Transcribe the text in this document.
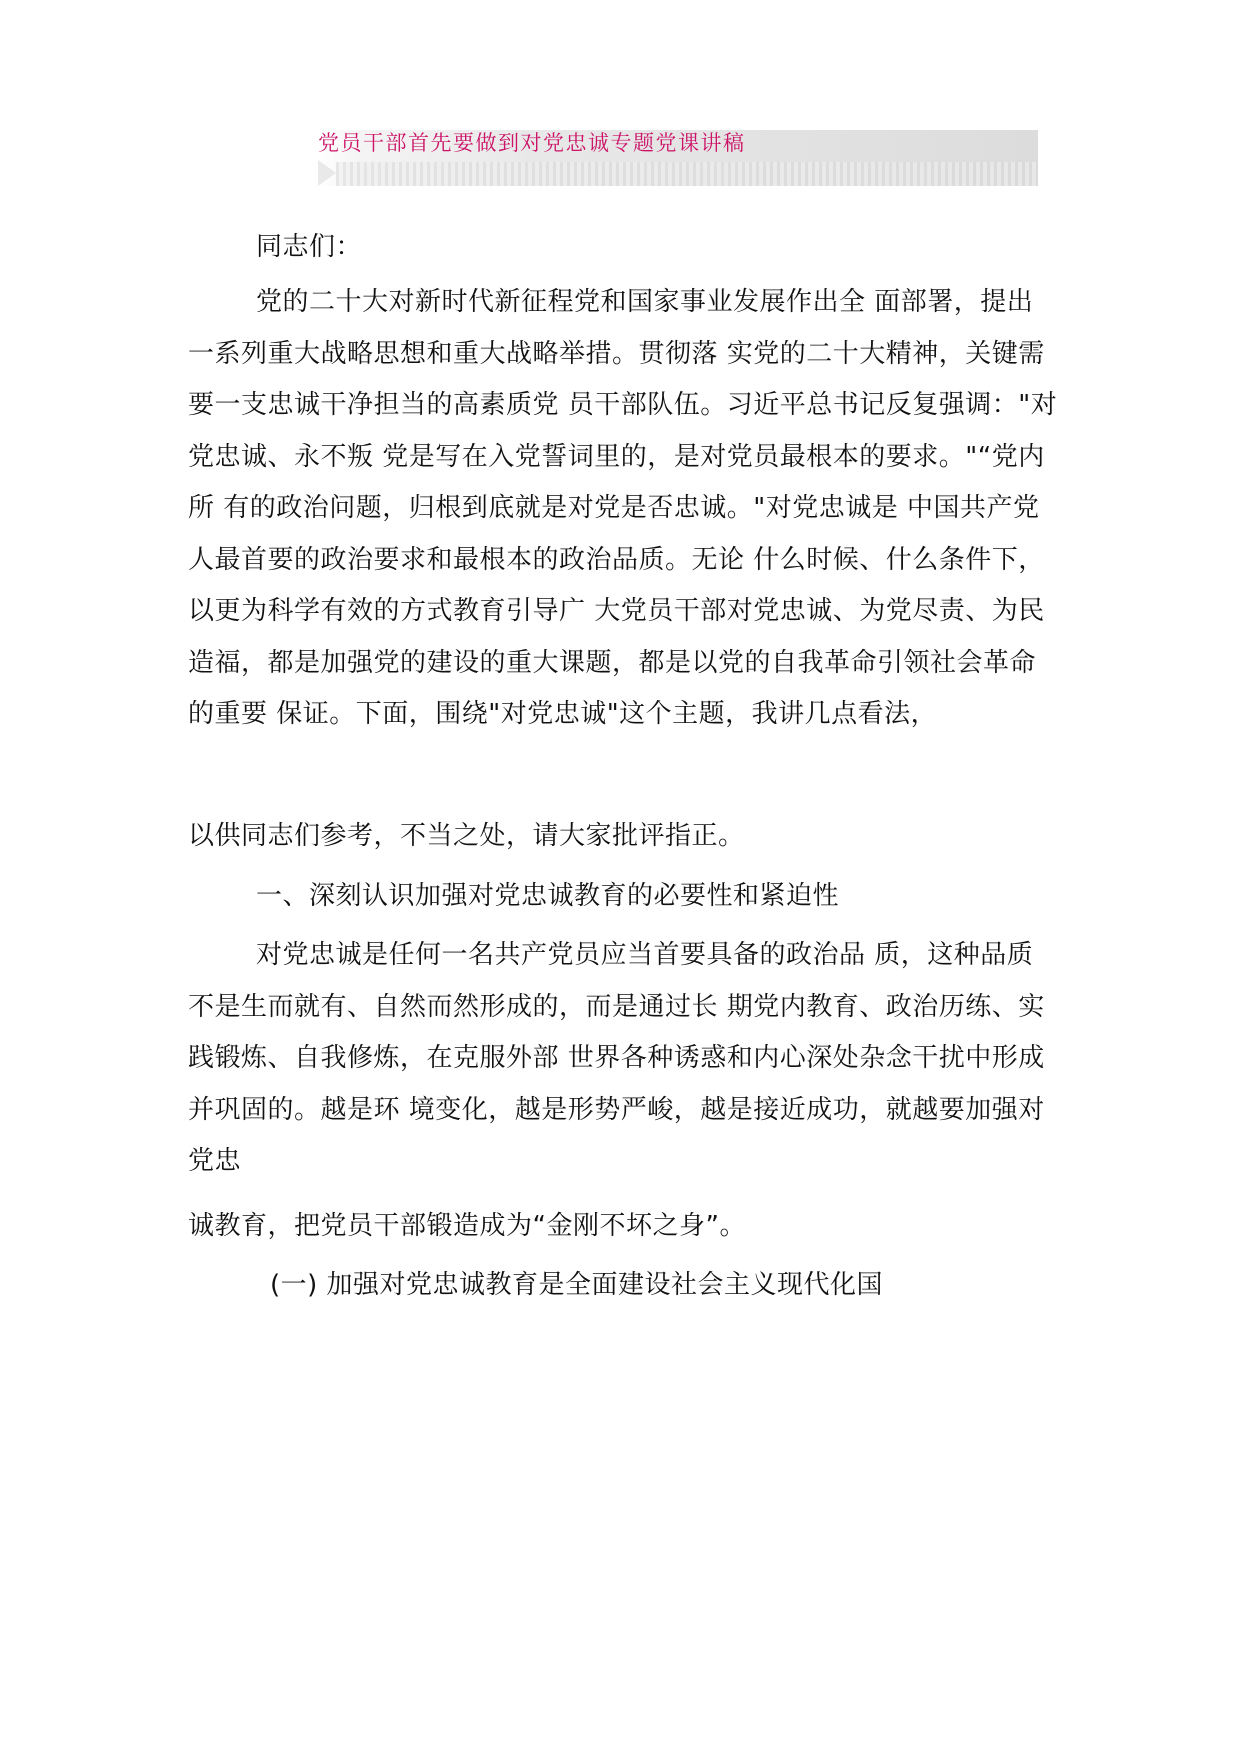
党员干部首先要做到对党忠诚专题党课讲稿

同志们：

党的二十大对新时代新征程党和国家事业发展作出全 面部署，提出一系列重大战略思想和重大战略举措。贯彻落 实党的二十大精神，关键需要一支忠诚干净担当的高素质党 员干部队伍。习近平总书记反复强调："对党忠诚、永不叛 党是写在入党誓词里的，是对党员最根本的要求。"“党内所 有的政治问题，归根到底就是对党是否忠诚。"对党忠诚是 中国共产党人最首要的政治要求和最根本的政治品质。无论 什么时候、什么条件下，以更为科学有效的方式教育引导广 大党员干部对党忠诚、为党尽责、为民造福，都是加强党的建设的重大课题，都是以党的自我革命引领社会革命的重要 保证。下面，围绕"对党忠诚"这个主题，我讲几点看法，

以供同志们参考，不当之处，请大家批评指正。

一、深刻认识加强对党忠诚教育的必要性和紧迫性

对党忠诚是任何一名共产党员应当首要具备的政治品 质，这种品质不是生而就有、自然而然形成的，而是通过长 期党内教育、政治历练、实践锻炼、自我修炼，在克服外部 世界各种诱惑和内心深处杂念干扰中形成并巩固的。越是环 境变化，越是形势严峻，越是接近成功，就越要加强对党忠

诚教育，把党员干部锻造成为“金刚不坏之身”。

(一) 加强对党忠诚教育是全面建设社会主义现代化国
